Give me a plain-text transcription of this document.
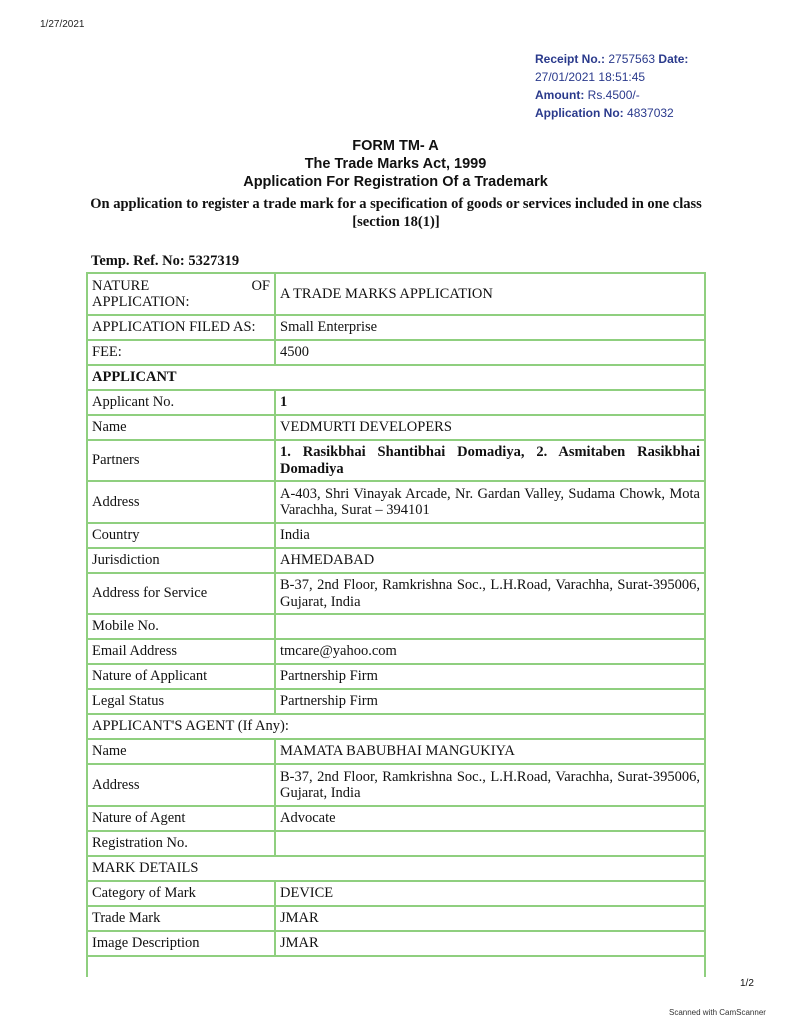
1/27/2021
Receipt No.: 2757563 Date:
27/01/2021 18:51:45
Amount: Rs.4500/-
Application No: 4837032
FORM TM- A
The Trade Marks Act, 1999
Application For Registration Of a Trademark
On application to register a trade mark for a specification of goods or services included in one class [section 18(1)]
Temp. Ref. No: 5327319
NATURE OF
APPLICATION:	A TRADE MARKS APPLICATION
APPLICATION FILED AS:	Small Enterprise
FEE:	4500
APPLICANT	
Applicant No.	1
Name	VEDMURTI DEVELOPERS
Partners	1. Rasikbhai Shantibhai Domadiya, 2. Asmitaben Rasikbhai Domadiya
Address	A-403, Shri Vinayak Arcade, Nr. Gardan Valley, Sudama Chowk, Mota Varachha, Surat – 394101
Country	India
Jurisdiction	AHMEDABAD
Address for Service	B-37, 2nd Floor, Ramkrishna Soc., L.H.Road, Varachha, Surat-395006, Gujarat, India
Mobile No.	
Email Address	tmcare@yahoo.com
Nature of Applicant	Partnership Firm
Legal Status	Partnership Firm
APPLICANT'S AGENT (If Any):	
Name	MAMATA BABUBHAI MANGUKIYA
Address	B-37, 2nd Floor, Ramkrishna Soc., L.H.Road, Varachha, Surat-395006, Gujarat, India
Nature of Agent	Advocate
Registration No.	
MARK DETAILS	
Category of Mark	DEVICE
Trade Mark	JMAR
Image Description	JMAR
1/2
Scanned with CamScanner
